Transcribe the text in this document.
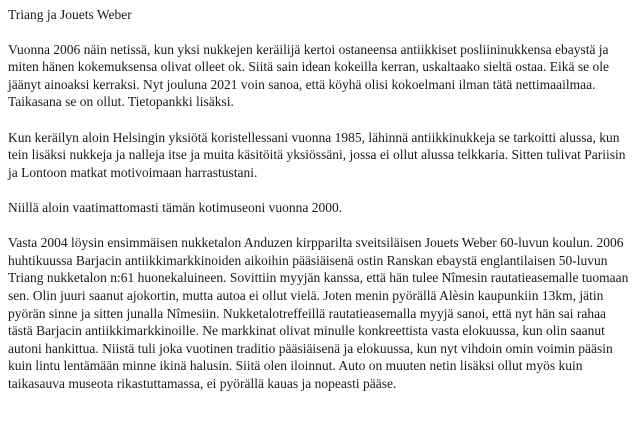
Triang ja Jouets Weber

Vuonna 2006 näin netissä, kun yksi nukkejen keräilijä kertoi ostaneensa antiikkiset posliininukkensa ebaystä ja miten hänen kokemuksensa olivat olleet ok. Siitä sain idean kokeilla kerran, uskaltaako sieltä ostaa. Eikä se ole jäänyt ainoaksi kerraksi. Nyt jouluna 2021 voin sanoa, että köyhä olisi kokoelmani ilman tätä nettimaailmaa. Taikasana se on ollut. Tietopankki lisäksi.

Kun keräilyn aloin Helsingin yksiötä koristellessani vuonna 1985, lähinnä antiikkinukkeja se tarkoitti alussa, kun tein lisäksi nukkeja ja nalleja itse ja muita käsitöitä yksiössäni, jossa ei ollut alussa telkkaria. Sitten tulivat Pariisin ja Lontoon matkat motivoimaan harrastustani.

Niillä aloin vaatimattomasti tämän kotimuseoni vuonna 2000.

Vasta 2004 löysin ensimmäisen nukketalon Anduzen kirpparilta sveitsiläisen Jouets Weber 60-luvun koulun. 2006 huhtikuussa Barjacin antiikkimarkkinoiden aikoihin pääsiäisenä ostin Ranskan ebaystä englantilaisen 50-luvun Triang nukketalon n:61 huonekaluineen. Sovittiin myyjän kanssa, että hän tulee Nîmesin rautatieasemalle tuomaan sen. Olin juuri saanut ajokortin, mutta autoa ei ollut vielä. Joten menin pyörällä Alèsin kaupunkiin 13km, jätin pyörän sinne ja sitten junalla Nîmesiin. Nukketalotreffeillä rautatieasemalla myyjä sanoi, että nyt hän sai rahaa tästä Barjacin antiikkimarkkinoille. Ne markkinat olivat minulle konkreettista vasta elokuussa, kun olin saanut autoni hankittua. Niistä tuli joka vuotinen traditio pääsiäisenä ja elokuussa, kun nyt vihdoin omin voimin pääsin kuin lintu lentämään minne ikinä halusin. Siitä olen iloinnut. Auto on muuten netin lisäksi ollut myös kuin taikasauva museota rikastuttamassa, ei pyörällä kauas ja nopeasti pääse.
